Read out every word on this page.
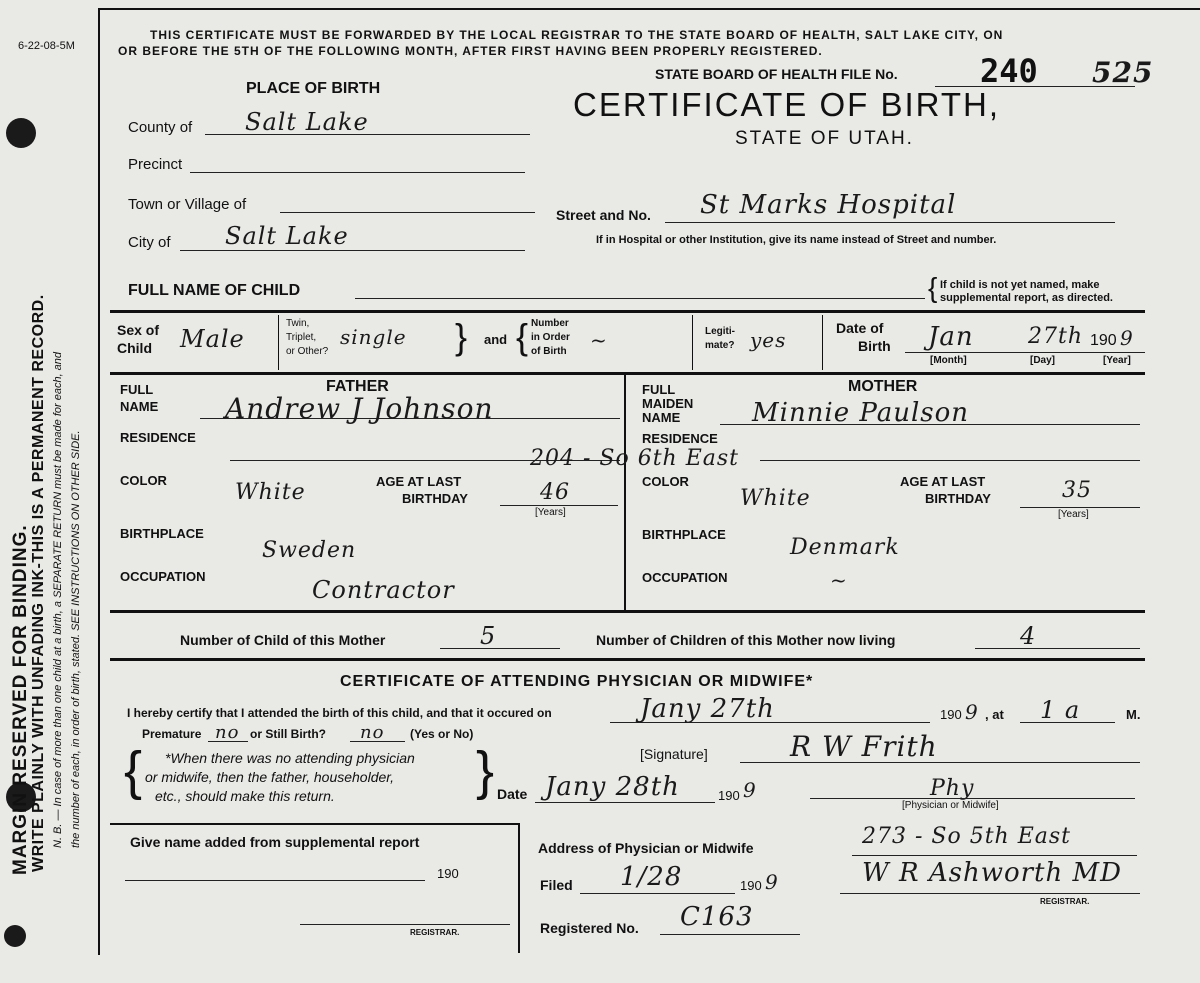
6-22-08-5M
MARGIN RESERVED FOR BINDING. WRITE PLAINLY WITH UNFADING INK-THIS IS A PERMANENT RECORD. N. B. — In case of more than one child at a birth, a SEPARATE RETURN must be made for each, and the number of each, in order of birth, stated. SEE INSTRUCTIONS ON OTHER SIDE.
THIS CERTIFICATE MUST BE FORWARDED BY THE LOCAL REGISTRAR TO THE STATE BOARD OF HEALTH, SALT LAKE CITY, ON
OR BEFORE THE 5TH OF THE FOLLOWING MONTH, AFTER FIRST HAVING BEEN PROPERLY REGISTERED.
STATE BOARD OF HEALTH FILE No.	240 525
CERTIFICATE OF BIRTH,
STATE OF UTAH.
PLACE OF BIRTH
County of Salt Lake
Precinct
Town or Village of
City of Salt Lake
Street and No. St Marks Hospital
If in Hospital or other Institution, give its name instead of Street and number.
FULL NAME OF CHILD	{ If child is not yet named, make
supplemental report, as directed.
Sex of
Child Male
Twin,
Triplet,
or Other?
single } and { Number
in Order
of Birth ~	Legiti-
mate? yes	Date of
Birth Jan 27th 190 9
[Month]	[Day]	[Year]
FATHER
FULL
NAME Andrew J Johnson
RESIDENCE
COLOR	White	AGE AT LAST
BIRTHDAY	46
[Years]
BIRTHPLACE
Sweden
OCCUPATION	Contractor
MOTHER
FULL
MAIDEN
NAME	Minnie Paulson
RESIDENCE
204 - So 6th East
COLOR
White
AGE AT LAST
BIRTHDAY	35
[Years]
BIRTHPLACE
Denmark
OCCUPATION	~
Number of Child of this Mother	5	Number of Children of this Mother now living	4
CERTIFICATE OF ATTENDING PHYSICIAN OR MIDWIFE*
I hereby certify that I attended the birth of this child, and that it occured on	Jany 27th	190 9 , at 1 a	M.
Premature no or Still Birth? no (Yes or No)
{ *When there was no attending physician
or midwife, then the father, householder,
etc., should make this return.	}	[Signature]	R W Frith
Phy
[Physician or Midwife]
Date Jany 28th	190 9
Give name added from supplemental report
190
REGISTRAR.
Address of Physician or Midwife	273 - So 5th East
Filed 1/28	190 9	W R Ashworth MD
REGISTRAR.
Registered No. C163
